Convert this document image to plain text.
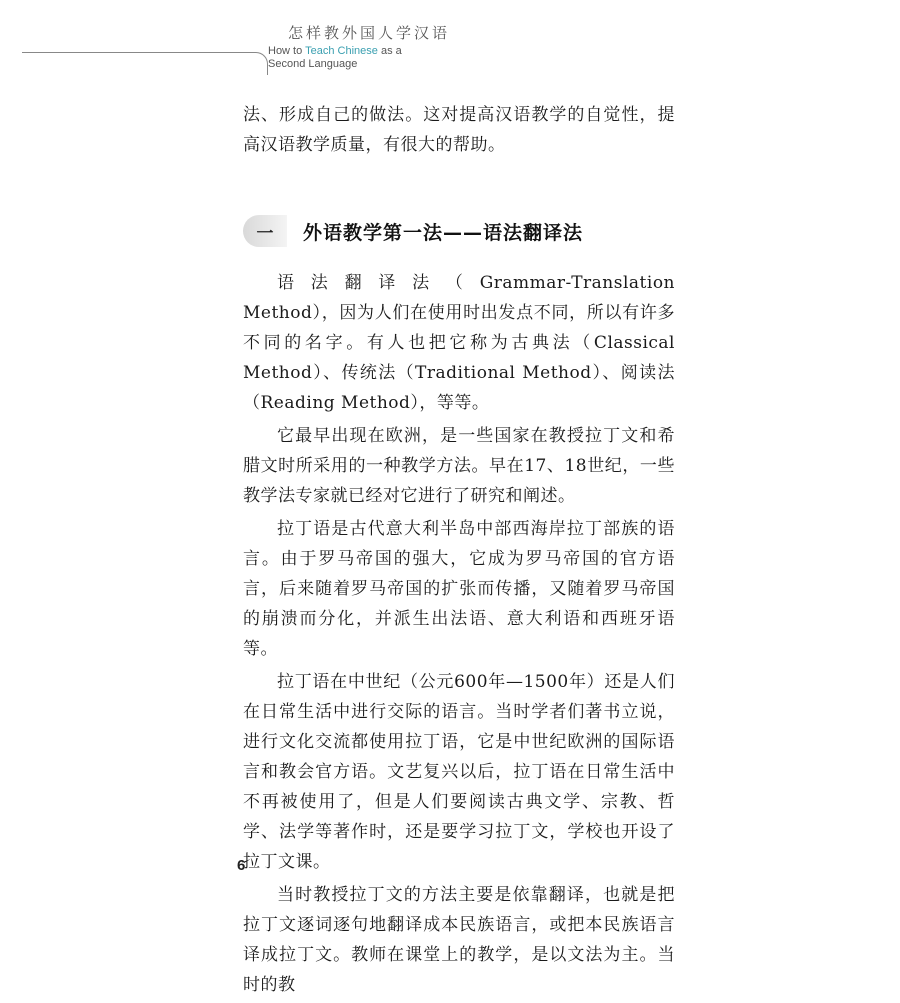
怎样教外国人学汉语
How to Teach Chinese as a
Second Language

法、形成自己的做法。这对提高汉语教学的自觉性，提高汉语教学质量，有很大的帮助。

一	外语教学第一法——语法翻译法

语法翻译法（Grammar-Translation Method），因为人们在使用时出发点不同，所以有许多不同的名字。有人也把它称为古典法（Classical Method）、传统法（Traditional Method）、阅读法（Reading Method），等等。

它最早出现在欧洲，是一些国家在教授拉丁文和希腊文时所采用的一种教学方法。早在17、18世纪，一些教学法专家就已经对它进行了研究和阐述。

拉丁语是古代意大利半岛中部西海岸拉丁部族的语言。由于罗马帝国的强大，它成为罗马帝国的官方语言，后来随着罗马帝国的扩张而传播，又随着罗马帝国的崩溃而分化，并派生出法语、意大利语和西班牙语等。

拉丁语在中世纪（公元600年—1500年）还是人们在日常生活中进行交际的语言。当时学者们著书立说，进行文化交流都使用拉丁语，它是中世纪欧洲的国际语言和教会官方语。文艺复兴以后，拉丁语在日常生活中不再被使用了，但是人们要阅读古典文学、宗教、哲学、法学等著作时，还是要学习拉丁文，学校也开设了拉丁文课。

当时教授拉丁文的方法主要是依靠翻译，也就是把拉丁文逐词逐句地翻译成本民族语言，或把本民族语言译成拉丁文。教师在课堂上的教学，是以文法为主。当时的教

6
